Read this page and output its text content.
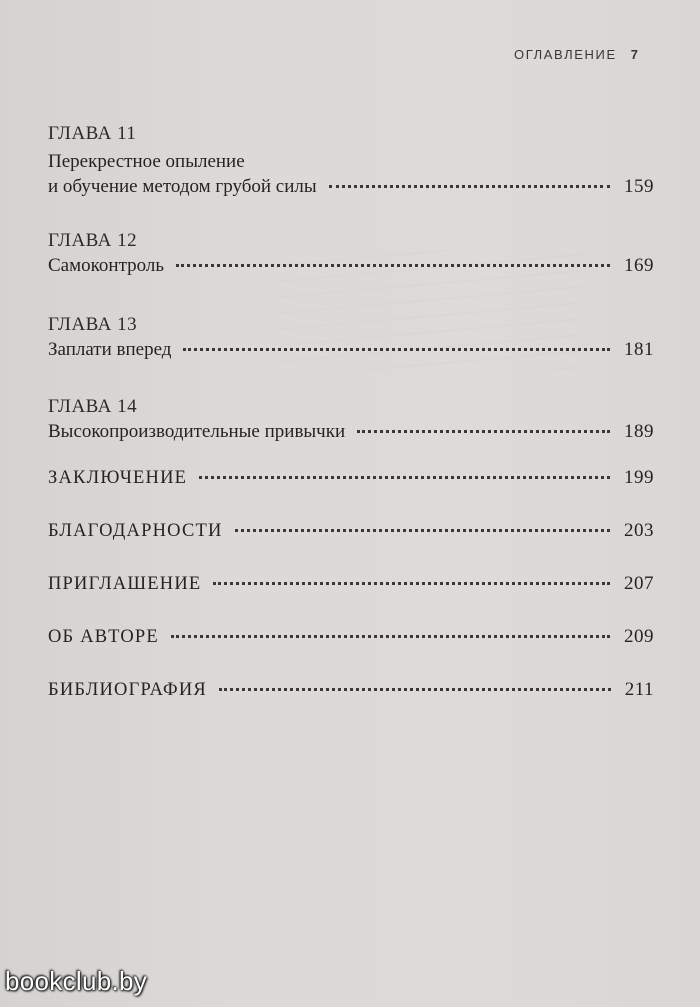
ОГЛАВЛЕНИЕ 7
ГЛАВА 11
Перекрестное опыление
и обучение методом грубой силы	159
ГЛАВА 12
Самоконтроль	169
ГЛАВА 13
Заплати вперед	181
ГЛАВА 14
Высокопроизводительные привычки	189
ЗАКЛЮЧЕНИЕ	199
БЛАГОДАРНОСТИ	203
ПРИГЛАШЕНИЕ	207
ОБ АВТОРЕ	209
БИБЛИОГРАФИЯ	211
bookclub.by
